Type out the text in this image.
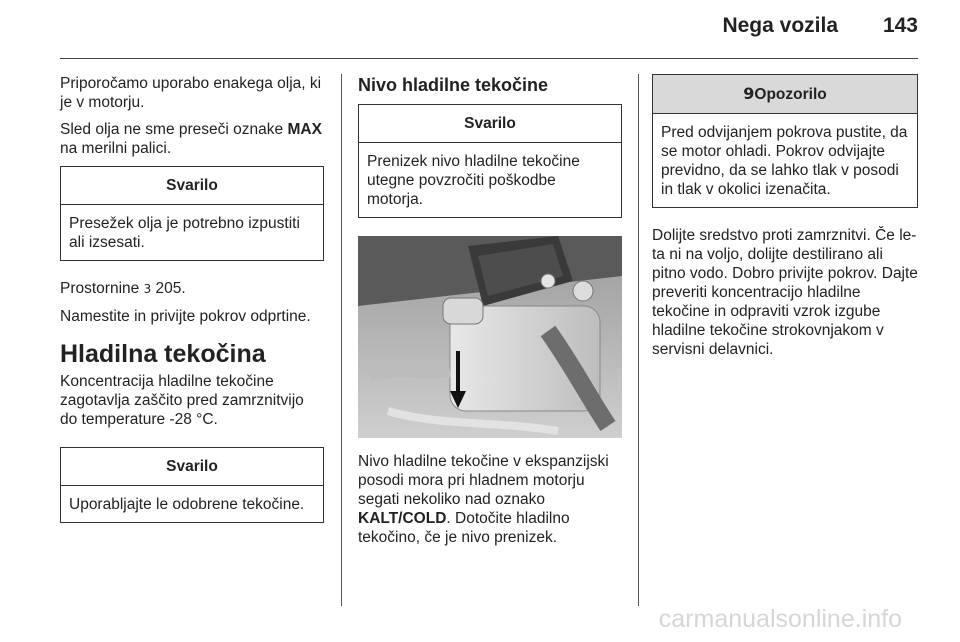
Nega vozila 143

Priporočamo uporabo enakega olja, ki je v motorju.

Sled olja ne sme preseči oznake MAX na merilni palici.

Svarilo
Presežek olja je potrebno izpustiti ali izsesati.

Prostornine 3 205.

Namestite in privijte pokrov odprtine.

Hladilna tekočina

Koncentracija hladilne tekočine zagotavlja zaščito pred zamrznitvijo do temperature -28 °C.

Svarilo
Uporabljajte le odobrene tekočine.
Nivo hladilne tekočine
Svarilo
Prenizek nivo hladilne tekočine utegne povzročiti poškodbe motorja.

Nivo hladilne tekočine v ekspanzijski posodi mora pri hladnem motorju segati nekoliko nad oznako KALT/COLD. Dotočite hladilno tekočino, če je nivo prenizek.

9Opozorilo
Pred odvijanjem pokrova pustite, da se motor ohladi. Pokrov odvijajte previdno, da se lahko tlak v posodi in tlak v okolici izenačita.

Dolijte sredstvo proti zamrznitvi. Če le-ta ni na voljo, dolijte destilirano ali pitno vodo. Dobro privijte pokrov. Dajte preveriti koncentracijo hladilne tekočine in odpraviti vzrok izgube hladilne tekočine strokovnjakom v servisni delavnici.

carmanualsonline.info
